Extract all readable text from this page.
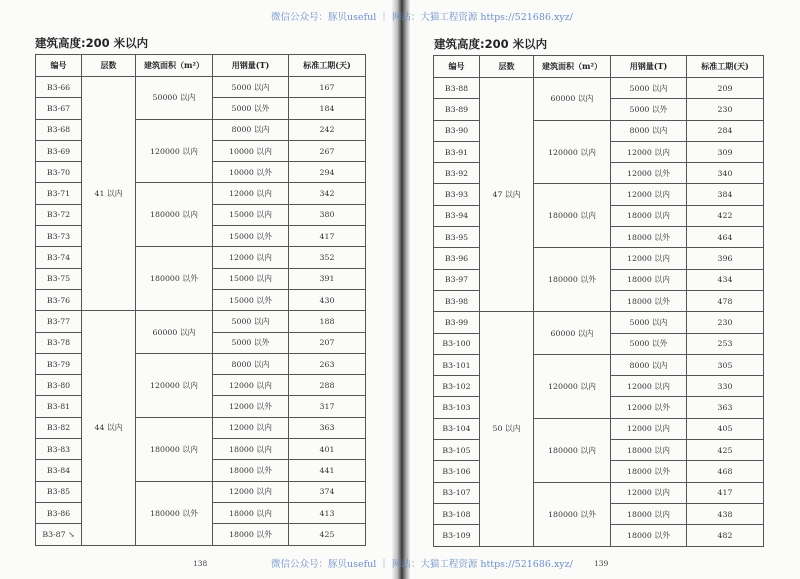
微信公众号：豚贝useful ｜ 网站：大猫工程资源 https://521686.xyz/
微信公众号：豚贝useful ｜ 网站：大猫工程资源 https://521686.xyz/
建筑高度:200 米以内	建筑高度:200 米以内
编号	层数	建筑面积（m²）	用钢量(T)	标准工期(天)
B3-66	41 以内	50000 以内	5000 以内	167
B3-67			5000 以外	184
B3-68		120000 以内	8000 以内	242
B3-69			10000 以内	267
B3-70			10000 以外	294
B3-71		180000 以内	12000 以内	342
B3-72			15000 以内	380
B3-73			15000 以外	417
B3-74		180000 以外	12000 以内	352
B3-75			15000 以内	391
B3-76			15000 以外	430
B3-77	44 以内	60000 以内	5000 以内	188
B3-78			5000 以外	207
B3-79		120000 以内	8000 以内	263
B3-80			12000 以内	288
B3-81			12000 以外	317
B3-82		180000 以内	12000 以内	363
B3-83			18000 以内	401
B3-84			18000 以外	441
B3-85		180000 以外	12000 以内	374
B3-86			18000 以内	413
B3-87 ↘			18000 以外	425
编号	层数	建筑面积（m²）	用钢量(T)	标准工期(天)
B3-88	47 以内	60000 以内	5000 以内	209
B3-89			5000 以外	230
B3-90		120000 以内	8000 以内	284
B3-91			12000 以内	309
B3-92			12000 以外	340
B3-93		180000 以内	12000 以内	384
B3-94			18000 以内	422
B3-95			18000 以外	464
B3-96		180000 以外	12000 以内	396
B3-97			18000 以内	434
B3-98			18000 以外	478
B3-99	50 以内	60000 以内	5000 以内	230
B3-100			5000 以外	253
B3-101		120000 以内	8000 以内	305
B3-102			12000 以内	330
B3-103			12000 以外	363
B3-104		180000 以内	12000 以内	405
B3-105			18000 以内	425
B3-106			18000 以外	468
B3-107		180000 以外	12000 以内	417
B3-108			18000 以内	438
B3-109			18000 以外	482
138	139
